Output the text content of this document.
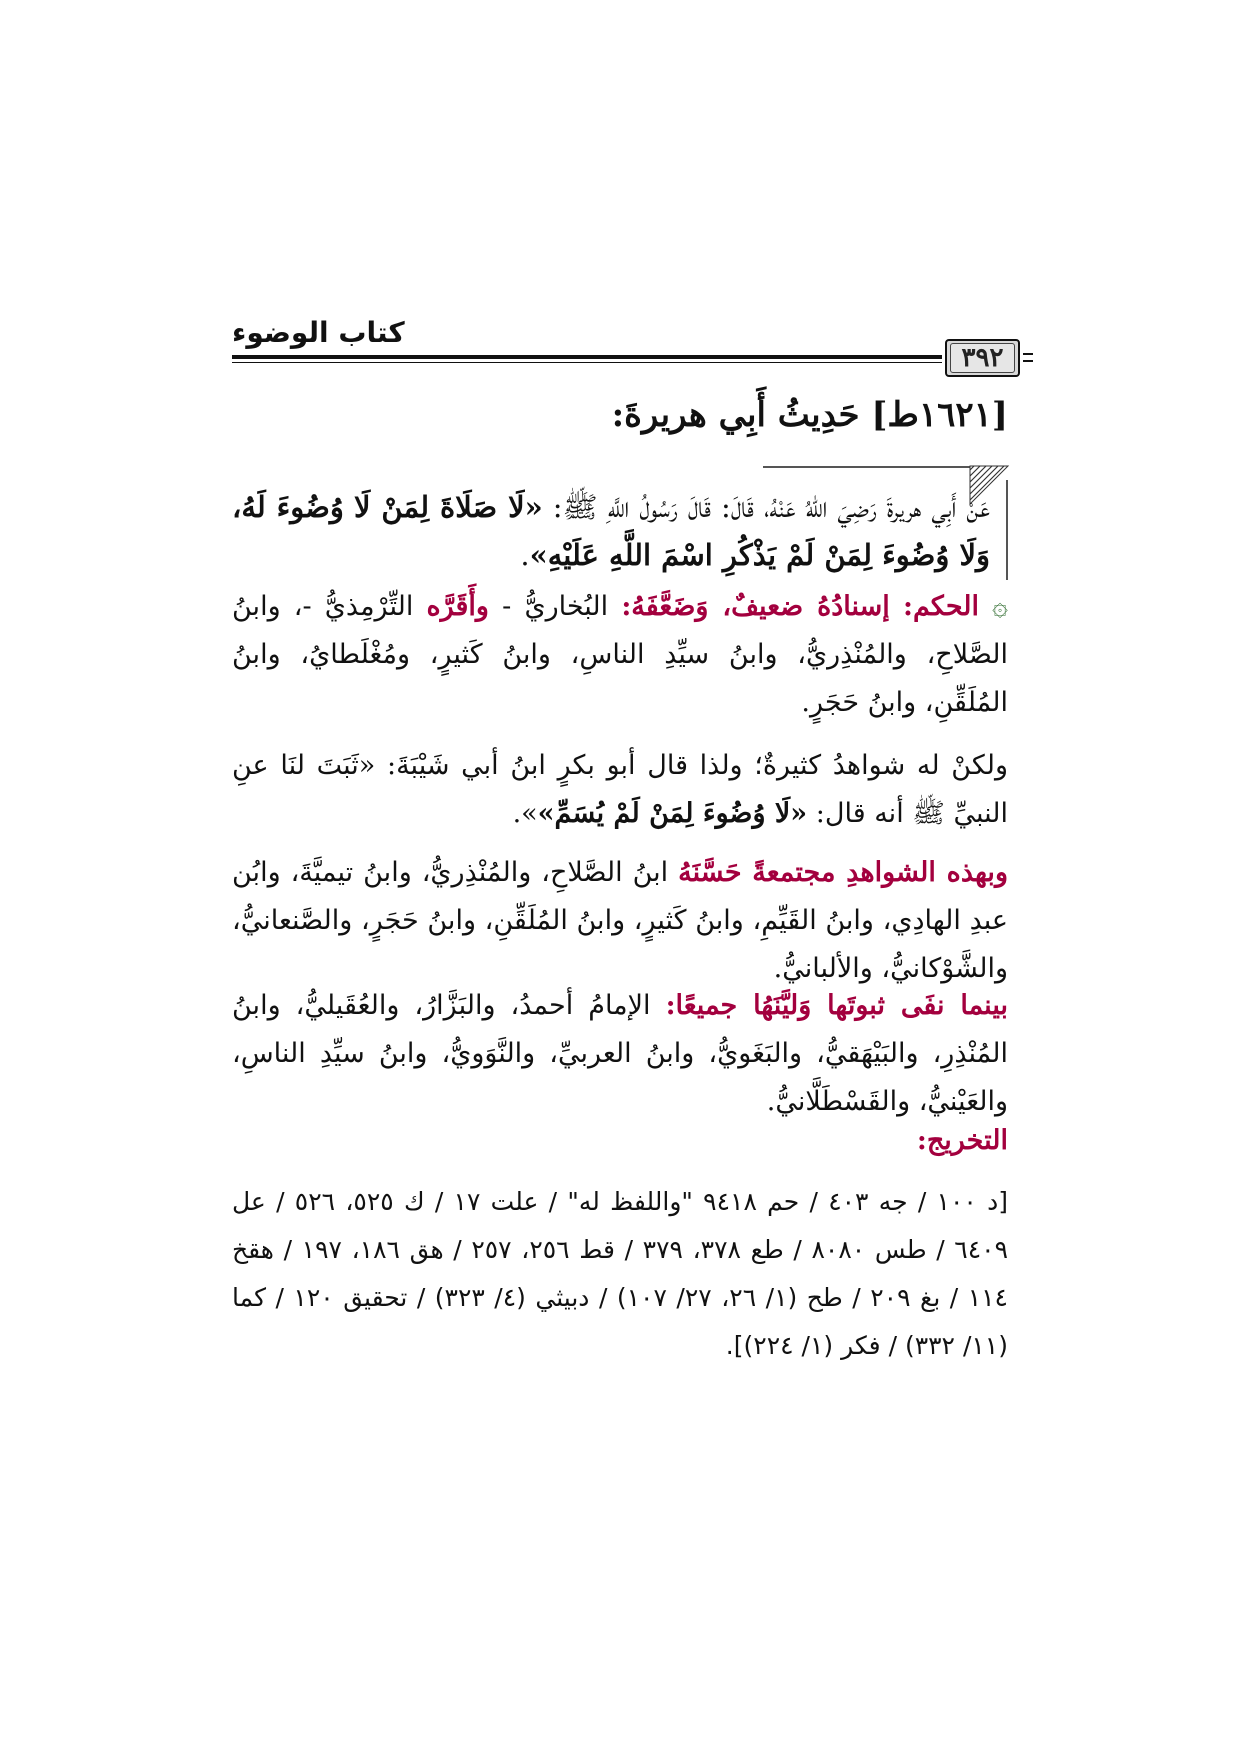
كتاب الوضوء
٣٩٢
[١٦٢١ط] حَدِيثُ أَبِي هريرةَ:
عَنْ أَبِي هريرةَ رَضِيَ اللهُ عَنْهُ، قَالَ: قَالَ رَسُولُ اللَّهِ ﷺ: «لَا صَلَاةَ لِمَنْ لَا وُضُوءَ لَهُ، وَلَا وُضُوءَ لِمَنْ لَمْ يَذْكُرِ اسْمَ اللَّهِ عَلَيْهِ».
۞ الحكم: إسنادُهُ ضعيفٌ، وَضَعَّفَهُ: البُخاريُّ - وأَقَرَّه التِّرْمِذيُّ -، وابنُ الصَّلاحِ، والمُنْذِريُّ، وابنُ سيِّدِ الناسِ، وابنُ كَثيرٍ، ومُغْلَطايُ، وابنُ المُلَقِّنِ، وابنُ حَجَرٍ.
ولكنْ له شواهدُ كثيرةٌ؛ ولذا قال أبو بكرٍ ابنُ أبي شَيْبَةَ: «ثَبَتَ لنَا عنِ النبيِّ ﷺ أنه قال: «لَا وُضُوءَ لِمَنْ لَمْ يُسَمِّ»».
وبهذه الشواهدِ مجتمعةً حَسَّنَهُ ابنُ الصَّلاحِ، والمُنْذِريُّ، وابنُ تيميَّةَ، وابُن عبدِ الهادِي، وابنُ القَيِّمِ، وابنُ كَثيرٍ، وابنُ المُلَقِّنِ، وابنُ حَجَرٍ، والصَّنعانيُّ، والشَّوْكانيُّ، والألبانيُّ.
بينما نفَى ثبوتَها وَليَّنَهُا جميعًا: الإمامُ أحمدُ، والبَزَّارُ، والعُقَيليُّ، وابنُ المُنْذِرِ، والبَيْهَقيُّ، والبَغَويُّ، وابنُ العربيِّ، والنَّوَويُّ، وابنُ سيِّدِ الناسِ، والعَيْنيُّ، والقَسْطَلَّانيُّ.
التخريج:
[د ١٠٠ / جه ٤٠٣ / حم ٩٤١٨ "واللفظ له" / علت ١٧ / ك ٥٢٥، ٥٢٦ / عل ٦٤٠٩ / طس ٨٠٨٠ / طع ٣٧٨، ٣٧٩ / قط ٢٥٦، ٢٥٧ / هق ١٨٦، ١٩٧ / هقخ ١١٤ / بغ ٢٠٩ / طح (١/ ٢٦، ٢٧/ ١٠٧) / دبيثي (٤/ ٣٢٣) / تحقيق ١٢٠ / كما (١١/ ٣٣٢) / فكر (١/ ٢٢٤)].
